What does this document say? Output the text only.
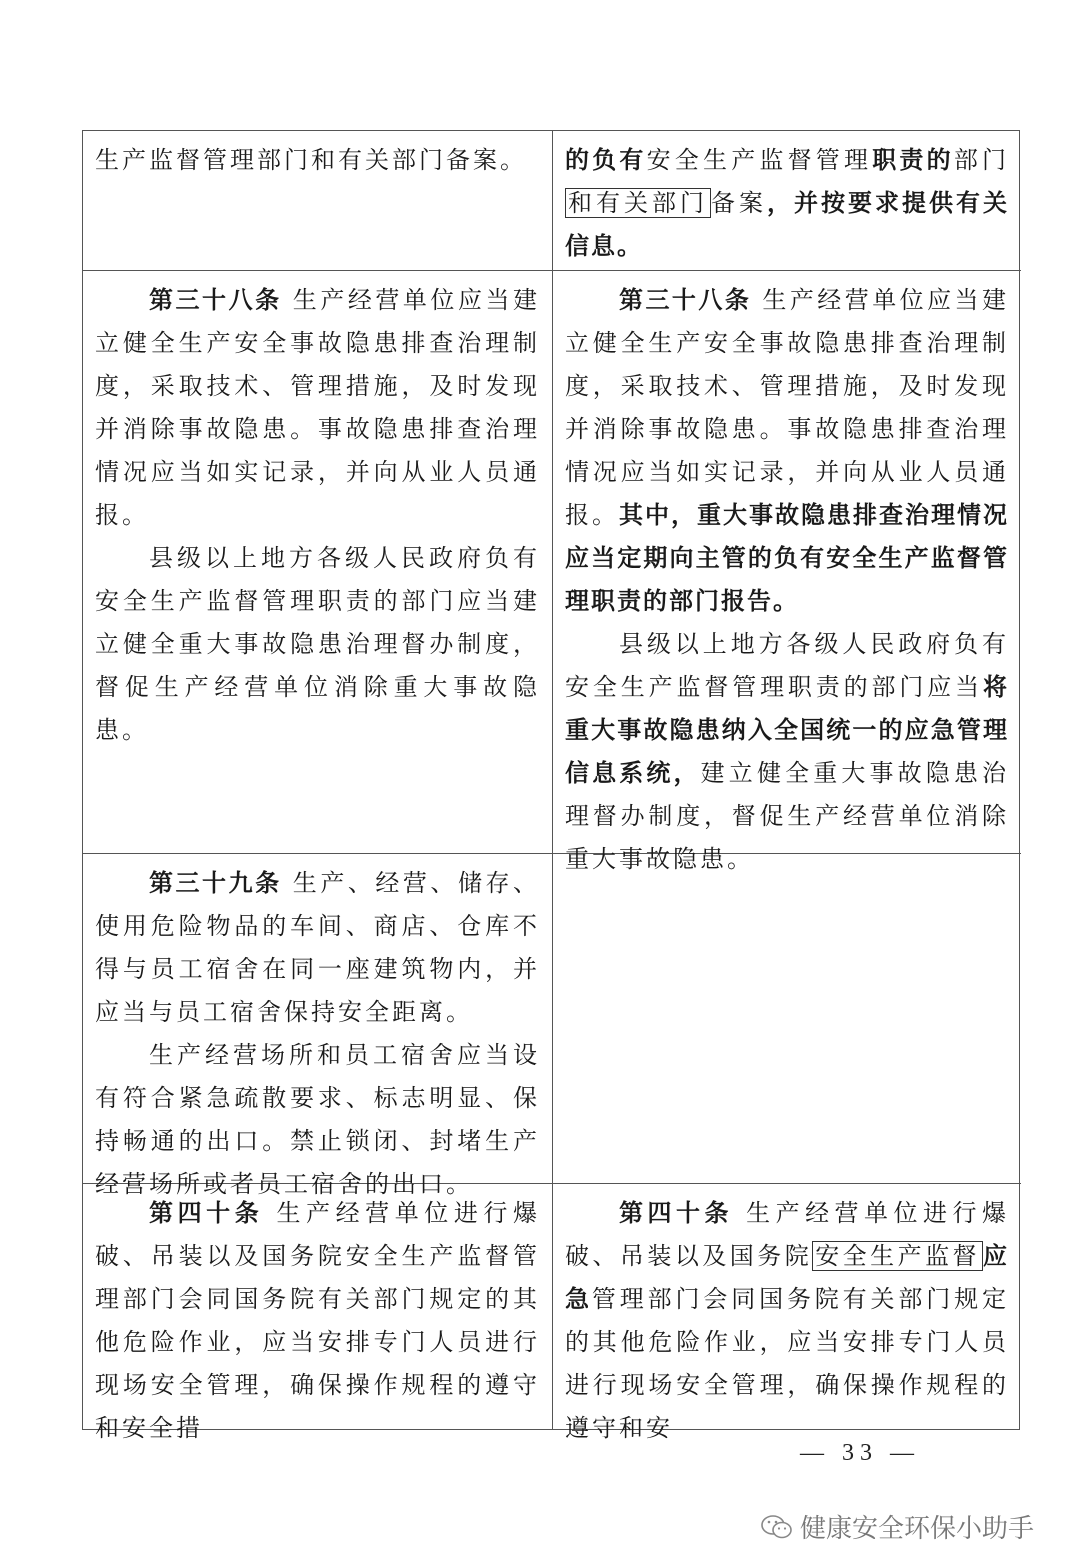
生产监督管理部门和有关部门备案。	的负有安全生产监督管理职责的部门和有关部门 备案，并按要求提供有关信息。

第三十八条 生产经营单位应当建立健全生产安全事故隐患排查治理制度，采取技术、管理措施，及时发现并消除事故隐患。事故隐患排查治理情况应当如实记录，并向从业人员通报。

县级以上地方各级人民政府负有安全生产监督管理职责的部门应当建立健全重大事故隐患治理督办制度，督促生产经营单位消除重大事故隐患。

第三十八条 生产经营单位应当建立健全生产安全事故隐患排查治理制度，采取技术、管理措施，及时发现并消除事故隐患。事故隐患排查治理情况应当如实记录，并向从业人员通报。其中，重大事故隐患排查治理情况应当定期向主管的负有安全生产监督管理职责的部门报告。

县级以上地方各级人民政府负有安全生产监督管理职责的部门应当将重大事故隐患纳入全国统一的应急管理信息系统，建立健全重大事故隐患治理督办制度，督促生产经营单位消除重大事故隐患。

第三十九条 生产、经营、储存、使用危险物品的车间、商店、仓库不得与员工宿舍在同一座建筑物内，并应当与员工宿舍保持安全距离。

生产经营场所和员工宿舍应当设有符合紧急疏散要求、标志明显、保持畅通的出口。禁止锁闭、封堵生产经营场所或者员工宿舍的出口。

第四十条 生产经营单位进行爆破、吊装以及国务院安全生产监督管理部门会同国务院有关部门规定的其他危险作业，应当安排专门人员进行现场安全管理，确保操作规程的遵守和安全措

第四十条 生产经营单位进行爆破、吊装以及国务院 安全生产监督 应急管理部门会同国务院有关部门规定的其他危险作业，应当安排专门人员进行现场安全管理，确保操作规程的遵守和安

— 33 —
健康安全环保小助手
